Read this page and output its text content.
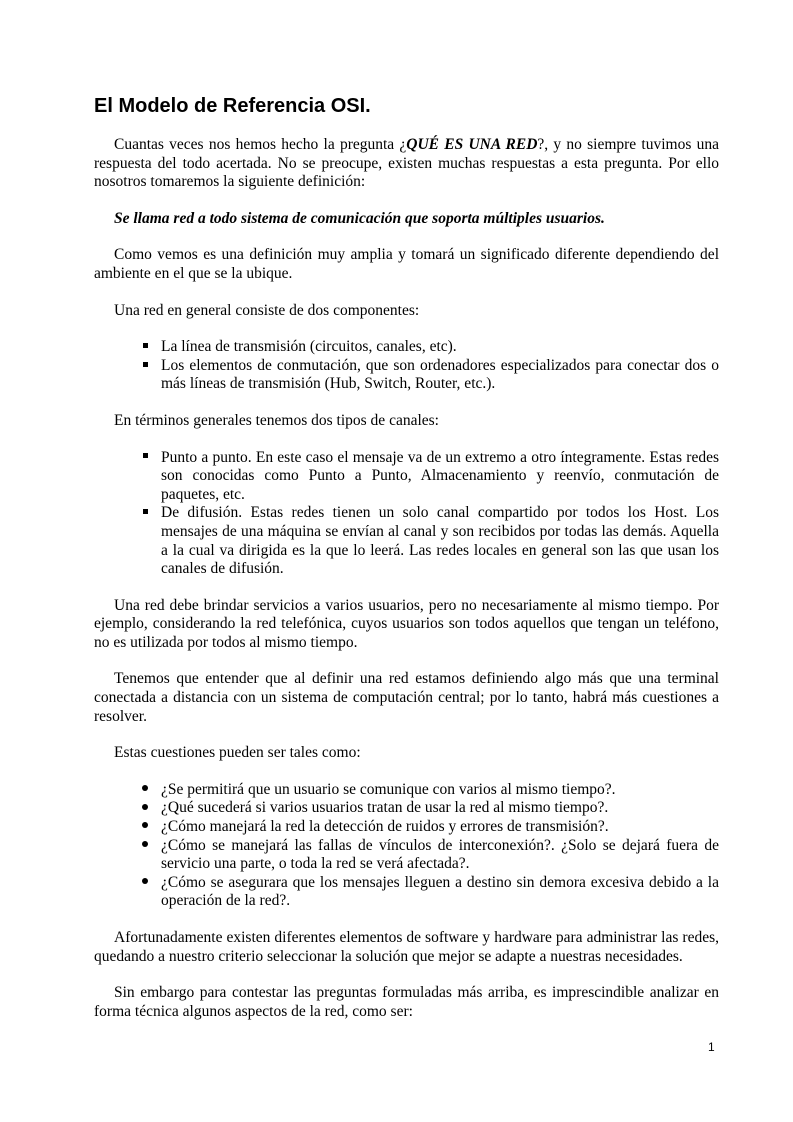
El Modelo de Referencia OSI.

Cuantas veces nos hemos hecho la pregunta ¿QUÉ ES UNA RED?, y no siempre tuvimos una respuesta del todo acertada. No se preocupe, existen muchas respuestas a esta pregunta. Por ello nosotros tomaremos la siguiente definición:

Se llama red a todo sistema de comunicación que soporta múltiples usuarios.

Como vemos es una definición muy amplia y tomará un significado diferente dependiendo del ambiente en el que se la ubique.

Una red en general consiste de dos componentes:

La línea de transmisión (circuitos, canales, etc).
Los elementos de conmutación, que son ordenadores especializados para conectar dos o más líneas de transmisión (Hub, Switch, Router, etc.).

En términos generales tenemos dos tipos de canales:

Punto a punto. En este caso el mensaje va de un extremo a otro íntegramente. Estas redes son conocidas como Punto a Punto, Almacenamiento y reenvío, conmutación de paquetes, etc.
De difusión. Estas redes tienen un solo canal compartido por todos los Host. Los mensajes de una máquina se envían al canal y son recibidos por todas las demás. Aquella a la cual va dirigida es la que lo leerá. Las redes locales en general son las que usan los canales de difusión.

Una red debe brindar servicios a varios usuarios, pero no necesariamente al mismo tiempo. Por ejemplo, considerando la red telefónica, cuyos usuarios son todos aquellos que tengan un teléfono, no es utilizada por todos al mismo tiempo.

Tenemos que entender que al definir una red estamos definiendo algo más que una terminal conectada a distancia con un sistema de computación central; por lo tanto, habrá más cuestiones a resolver.

Estas cuestiones pueden ser tales como:

¿Se permitirá que un usuario se comunique con varios al mismo tiempo?.
¿Qué sucederá si varios usuarios tratan de usar la red al mismo tiempo?.
¿Cómo manejará la red la detección de ruidos y errores de transmisión?.
¿Cómo se manejará las fallas de vínculos de interconexión?. ¿Solo se dejará fuera de servicio una parte, o toda la red se verá afectada?.
¿Cómo se asegurara que los mensajes lleguen a destino sin demora excesiva debido a la operación de la red?.

Afortunadamente existen diferentes elementos de software y hardware para administrar las redes, quedando a nuestro criterio seleccionar la solución que mejor se adapte a nuestras necesidades.

Sin embargo para contestar las preguntas formuladas más arriba, es imprescindible analizar en forma técnica algunos aspectos de la red, como ser:

1
